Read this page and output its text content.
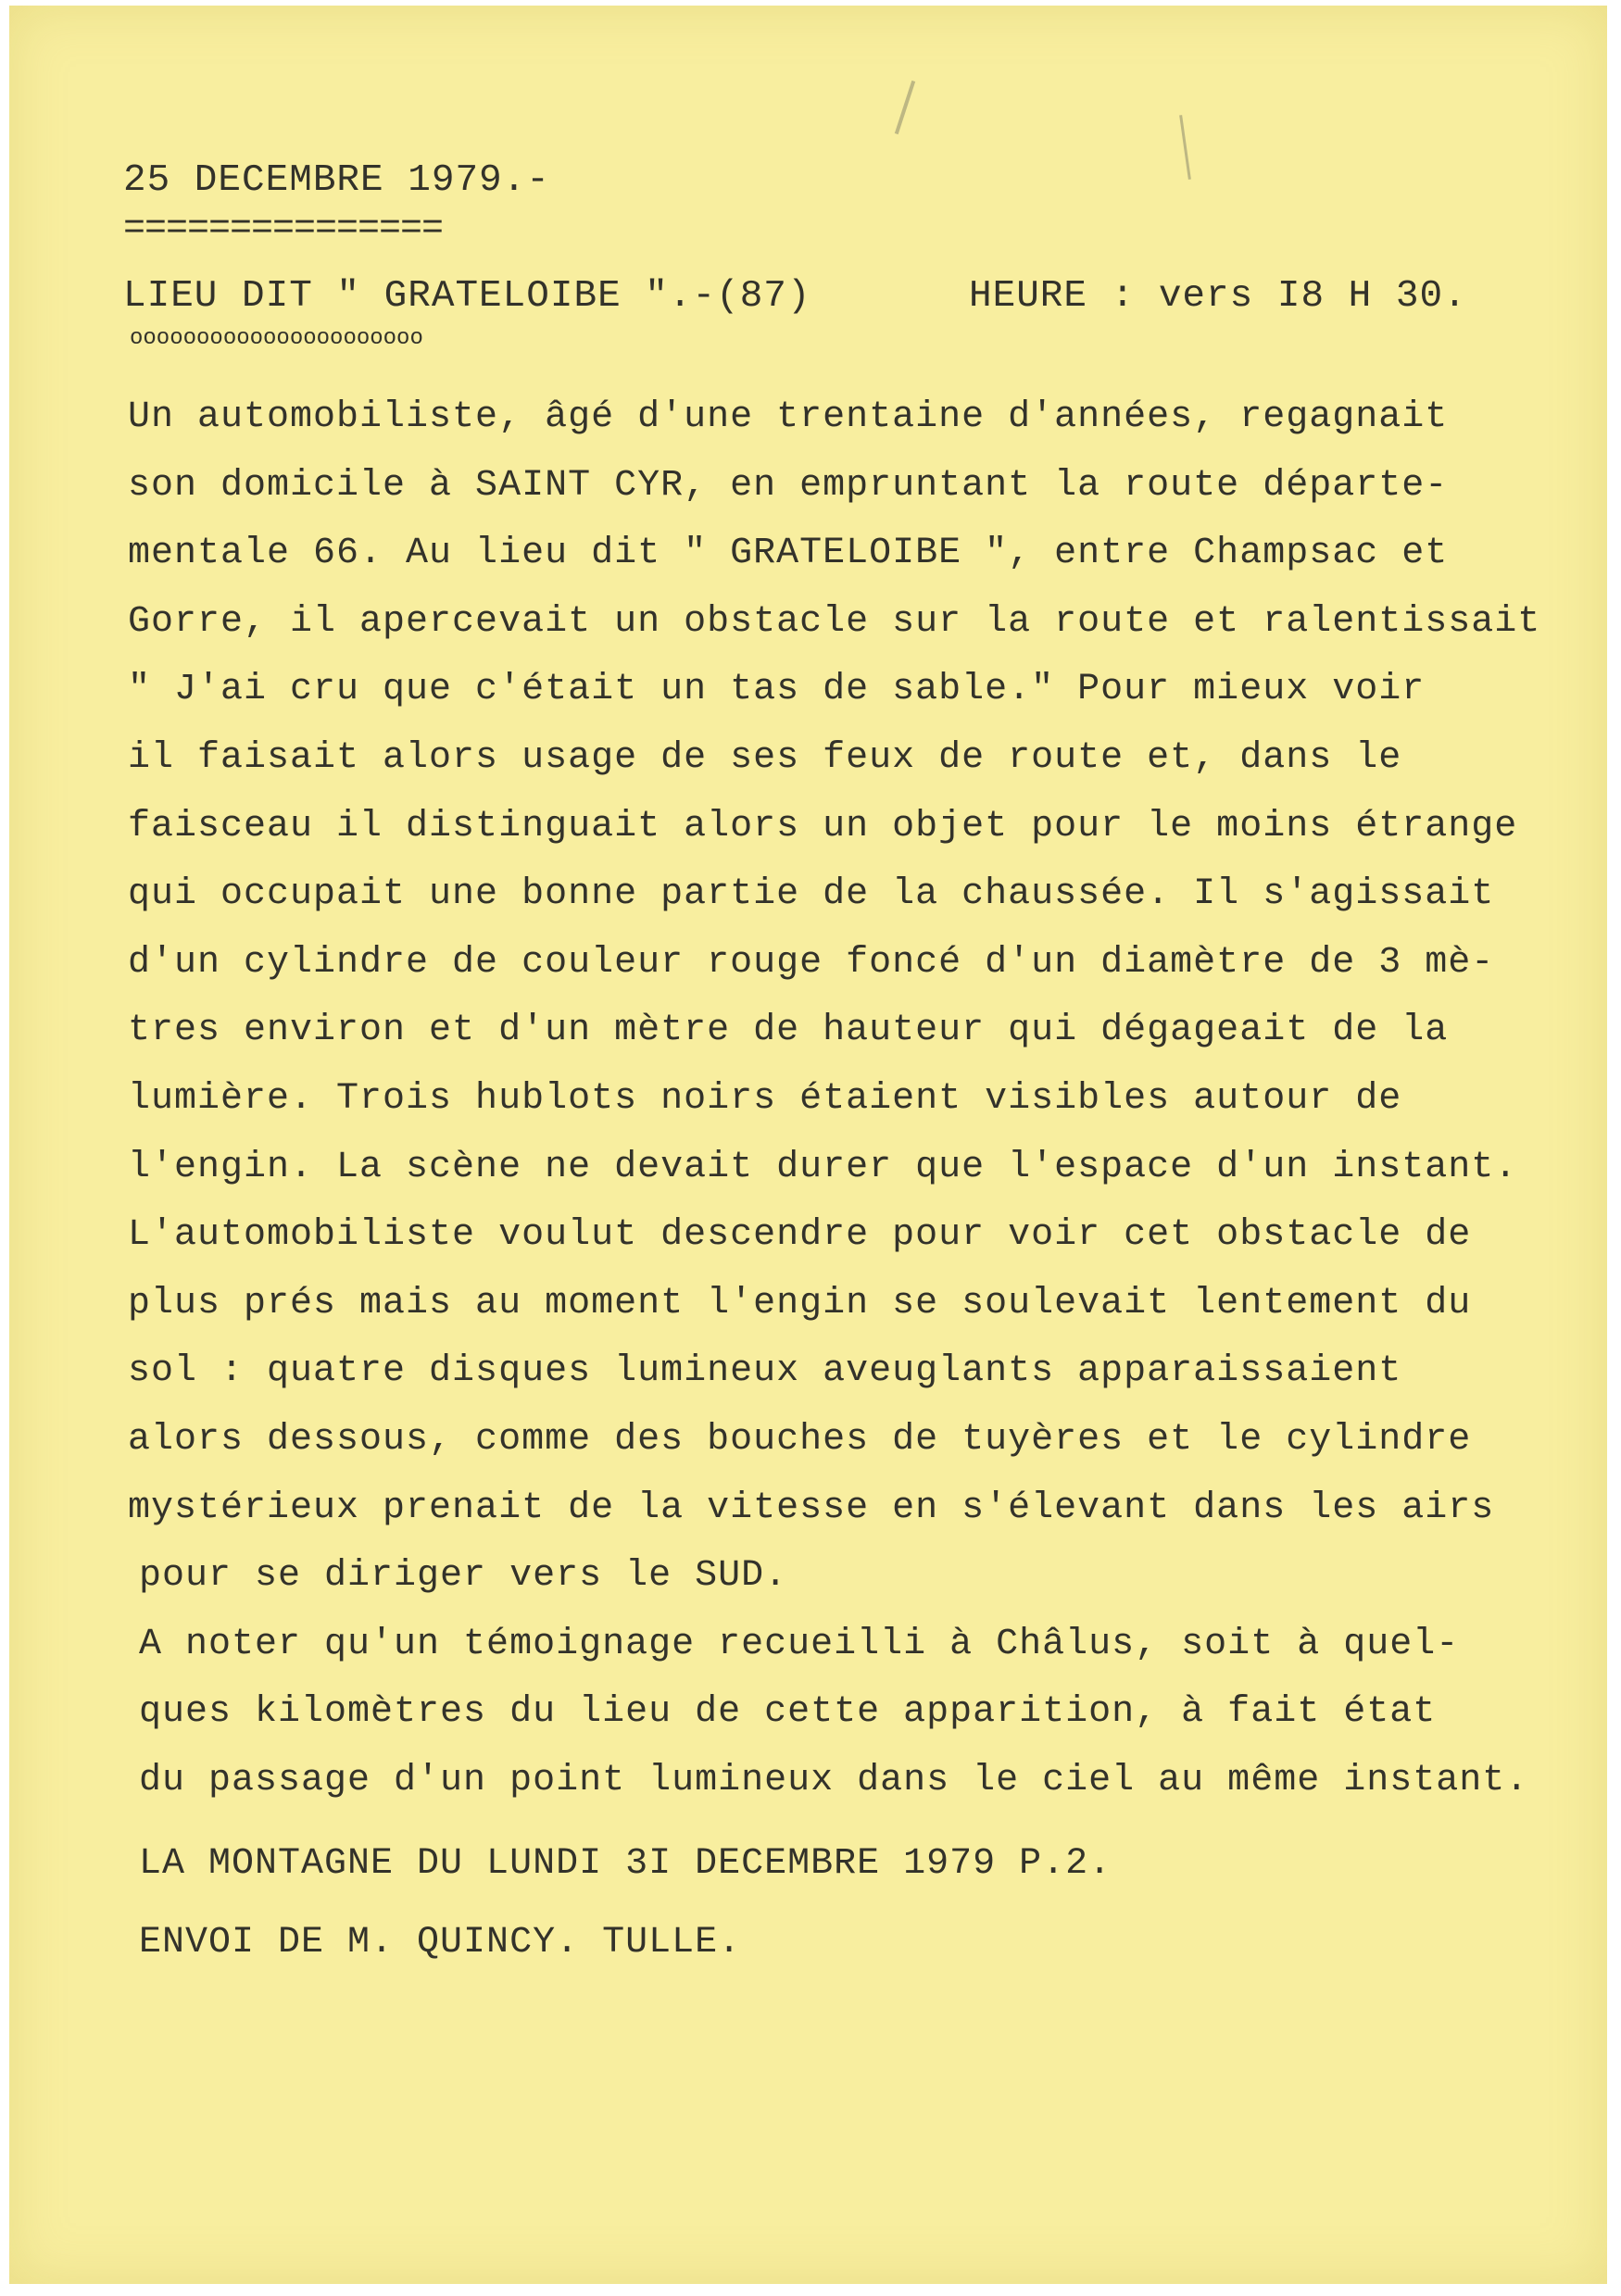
25 DECEMBRE 1979.-
===============
LIEU DIT " GRATELOIBE ".-(87)	HEURE : vers I8 H 30.
oooooooooooooooooooooo
Un automobiliste, âgé d'une trentaine d'années, regagnait
son domicile à SAINT CYR, en empruntant la route départe-
mentale 66. Au lieu dit " GRATELOIBE ", entre Champsac et
Gorre, il apercevait un obstacle sur la route et ralentissait
" J'ai cru que c'était un tas de sable." Pour mieux voir
il faisait alors usage de ses feux de route et, dans le
faisceau il distinguait alors un objet pour le moins étrange
qui occupait une bonne partie de la chaussée. Il s'agissait
d'un cylindre de couleur rouge foncé d'un diamètre de 3 mè-
tres environ et d'un mètre de hauteur qui dégageait de la
lumière. Trois hublots noirs étaient visibles autour de
l'engin. La scène ne devait durer que l'espace d'un instant.
L'automobiliste voulut descendre pour voir cet obstacle de
plus prés mais au moment l'engin se soulevait lentement du
sol : quatre disques lumineux aveuglants apparaissaient
alors dessous, comme des bouches de tuyères et le cylindre
mystérieux prenait de la vitesse en s'élevant dans les airs
pour se diriger vers le SUD.
A noter qu'un témoignage recueilli à Châlus, soit à quel-
ques kilomètres du lieu de cette apparition, à fait état
du passage d'un point lumineux dans le ciel au même instant.
LA MONTAGNE DU LUNDI 3I DECEMBRE 1979 P.2.
ENVOI DE M. QUINCY. TULLE.
